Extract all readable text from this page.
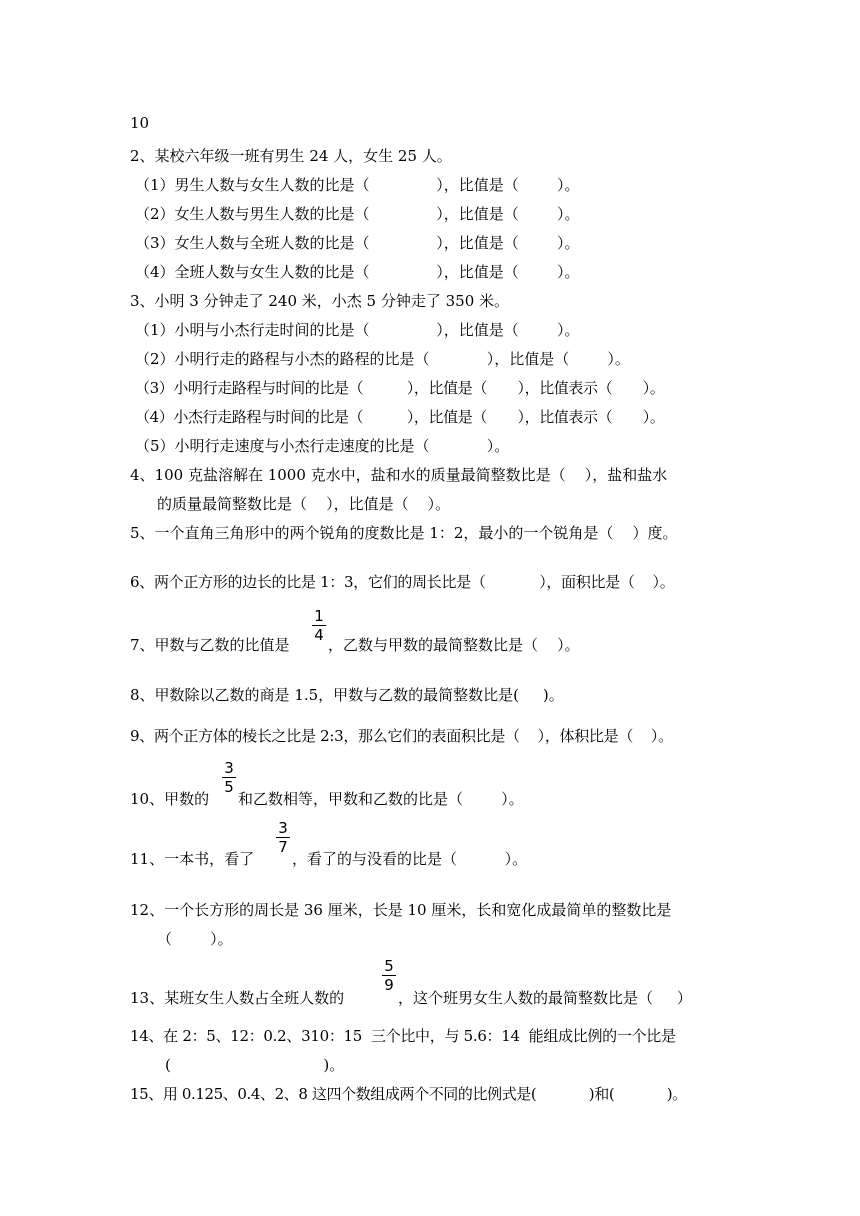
10
2、某校六年级一班有男生 24 人，女生 25 人。
（1）男生人数与女生人数的比是（              ），比值是（        ）。
（2）女生人数与男生人数的比是（              ），比值是（        ）。
（3）女生人数与全班人数的比是（              ），比值是（        ）。
（4）全班人数与女生人数的比是（              ），比值是（        ）。
3、小明 3 分钟走了 240 米，小杰 5 分钟走了 350 米。
（1）小明与小杰行走时间的比是（              ），比值是（        ）。
（2）小明行走的路程与小杰的路程的比是（            ），比值是（        ）。
（3）小明行走路程与时间的比是（          ），比值是（       ），比值表示（       ）。
（4）小杰行走路程与时间的比是（          ），比值是（       ），比值表示（       ）。
（5）小明行走速度与小杰行走速度的比是（            ）。
4、100 克盐溶解在 1000 克水中，盐和水的质量最简整数比是（    ），盐和盐水
的质量最简整数比是（    ），比值是（    ）。
5、一个直角三角形中的两个锐角的度数比是 1：2，最小的一个锐角是（    ）度。
6、两个正方形的边长的比是 1：3，它们的周长比是（            ），面积比是（    ）。
7、甲数与乙数的比值是
1
4
，乙数与甲数的最简整数比是（    ）。
8、甲数除以乙数的商是 1.5，甲数与乙数的最简整数比是(     )。
9、两个正方体的棱长之比是 2:3，那么它们的表面积比是（    ），体积比是（    ）。
10、甲数的
3
5
和乙数相等，甲数和乙数的比是（        ）。
11、一本书，看了
3
7
，看了的与没看的比是（          ）。
12、一个长方形的周长是 36 厘米，长是 10 厘米，长和宽化成最简单的整数比是
（        ）。
13、某班女生人数占全班人数的
5
9
，这个班男女生人数的最简整数比是（     ）
14、在 2：5、12：0.2、310：15  三个比中，与 5.6：14  能组成比例的一个比是
(                                )。
15、用 0.125、0.4、2、8 这四个数组成两个不同的比例式是(            )和(            )。
